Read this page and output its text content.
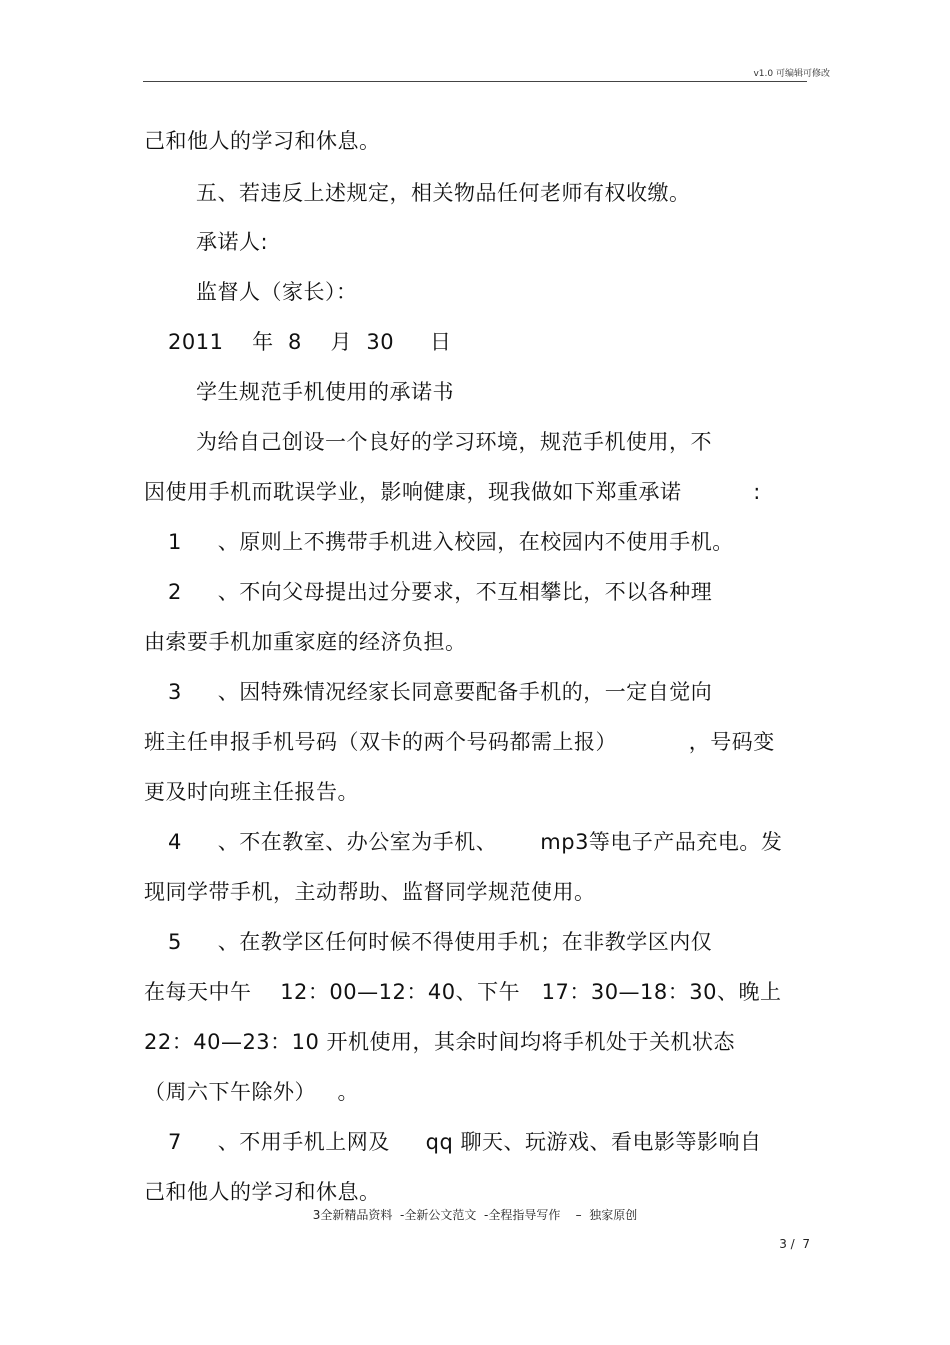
v1.0 可编辑可修改
己和他人的学习和休息。
五、若违反上述规定，相关物品任何老师有权收缴。
承诺人:
监督人（家长）：
2011    年  8    月  30     日
学生规范手机使用的承诺书
为给自己创设一个良好的学习环境，规范手机使用，不
因使用手机而耽误学业，影响健康，现我做如下郑重承诺          :
1     、原则上不携带手机进入校园，在校园内不使用手机。
2     、不向父母提出过分要求，不互相攀比，不以各种理
由索要手机加重家庭的经济负担。
3     、因特殊情况经家长同意要配备手机的，一定自觉向
班主任申报手机号码（双卡的两个号码都需上报）          ，号码变
更及时向班主任报告。
4     、不在教室、办公室为手机、      mp3等电子产品充电。发
现同学带手机，主动帮助、监督同学规范使用。
5     、在教学区任何时候不得使用手机；在非教学区内仅
在每天中午    12：00—12：40、下午   17：30—18：30、晚上
22：40—23：10 开机使用，其余时间均将手机处于关机状态
（周六下午除外）   。
7     、不用手机上网及     qq 聊天、玩游戏、看电影等影响自
己和他人的学习和休息。
3全新精品资料  -全新公文范文  -全程指导写作    –  独家原创
3 /  7
